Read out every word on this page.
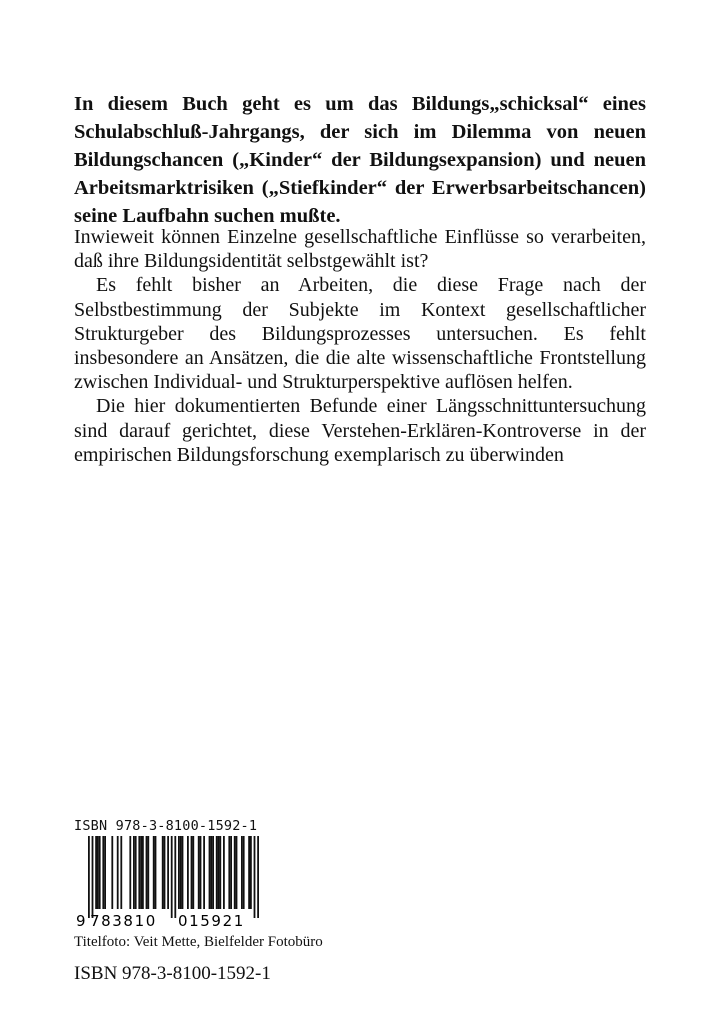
In diesem Buch geht es um das Bildungs„schicksal“ eines Schulabschluß-Jahrgangs, der sich im Dilemma von neuen Bildungschancen („Kinder“ der Bildungsexpansion) und neuen Arbeitsmarktrisiken („Stiefkinder“ der Erwerbsarbeitschancen) seine Laufbahn suchen mußte.

Inwieweit können Einzelne gesellschaftliche Einflüsse so verarbeiten, daß ihre Bildungsidentität selbstgewählt ist?

Es fehlt bisher an Arbeiten, die diese Frage nach der Selbstbestimmung der Subjekte im Kontext gesellschaftlicher Strukturgeber des Bildungsprozesses untersuchen. Es fehlt insbesondere an Ansätzen, die die alte wissenschaftliche Frontstellung zwischen Individual- und Strukturperspektive auflösen helfen.

Die hier dokumentierten Befunde einer Längsschnittuntersuchung sind darauf gerichtet, diese Verstehen-Erklären-Kontroverse in der empirischen Bildungsforschung exemplarisch zu überwinden

ISBN 978-3-8100-1592-1
9 783810 015921
Titelfoto: Veit Mette, Bielfelder Fotobüro
ISBN 978-3-8100-1592-1
